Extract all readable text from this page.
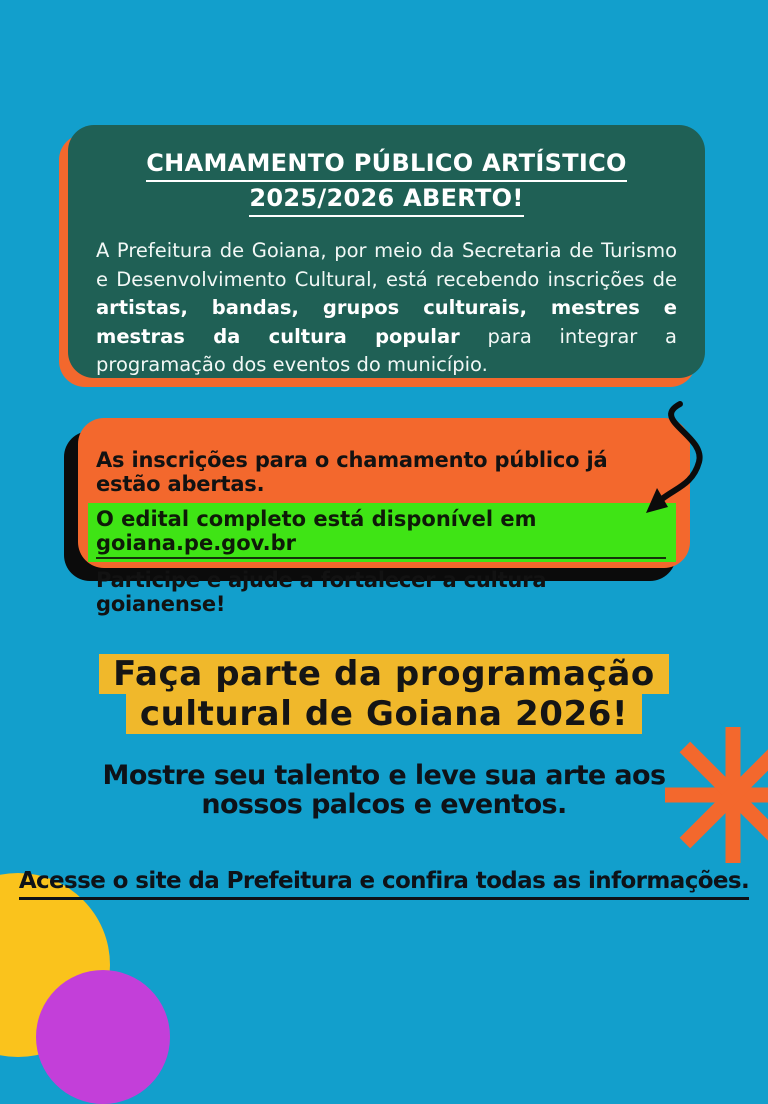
CHAMAMENTO PÚBLICO ARTÍSTICO
2025/2026 ABERTO!

A Prefeitura de Goiana, por meio da Secretaria de Turismo e Desenvolvimento Cultural, está recebendo inscrições de artistas, bandas, grupos culturais, mestres e mestras da cultura popular para integrar a programação dos eventos do município.

As inscrições para o chamamento público já estão abertas.

O edital completo está disponível em goiana.pe.gov.br

Participe e ajude a fortalecer a cultura goianense!

Faça parte da programação
cultural de Goiana 2026!
Mostre seu talento e leve sua arte aos
nossos palcos e eventos.
Acesse o site da Prefeitura e confira todas as informações.
